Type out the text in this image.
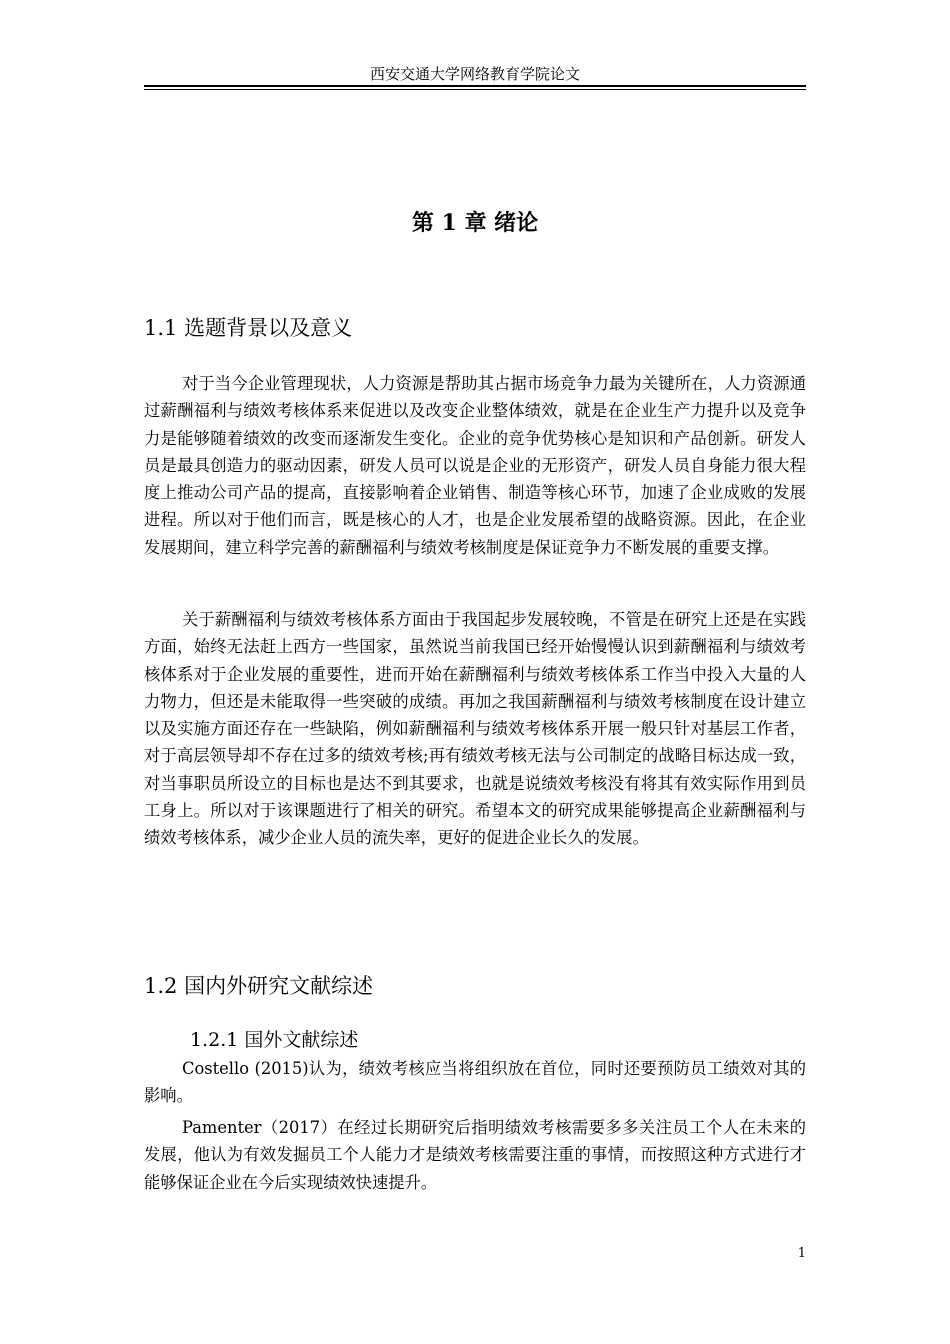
西安交通大学网络教育学院论文
第 1 章 绪论
1.1 选题背景以及意义

对于当今企业管理现状，人力资源是帮助其占据市场竞争力最为关键所在，人力资源通过薪酬福利与绩效考核体系来促进以及改变企业整体绩效，就是在企业生产力提升以及竞争力是能够随着绩效的改变而逐渐发生变化。企业的竞争优势核心是知识和产品创新。研发人员是最具创造力的驱动因素，研发人员可以说是企业的无形资产，研发人员自身能力很大程度上推动公司产品的提高，直接影响着企业销售、制造等核心环节，加速了企业成败的发展进程。所以对于他们而言，既是核心的人才，也是企业发展希望的战略资源。因此，在企业发展期间，建立科学完善的薪酬福利与绩效考核制度是保证竞争力不断发展的重要支撑。

关于薪酬福利与绩效考核体系方面由于我国起步发展较晚，不管是在研究上还是在实践方面，始终无法赶上西方一些国家，虽然说当前我国已经开始慢慢认识到薪酬福利与绩效考核体系对于企业发展的重要性，进而开始在薪酬福利与绩效考核体系工作当中投入大量的人力物力，但还是未能取得一些突破的成绩。再加之我国薪酬福利与绩效考核制度在设计建立以及实施方面还存在一些缺陷，例如薪酬福利与绩效考核体系开展一般只针对基层工作者，对于高层领导却不存在过多的绩效考核;再有绩效考核无法与公司制定的战略目标达成一致，对当事职员所设立的目标也是达不到其要求，也就是说绩效考核没有将其有效实际作用到员工身上。所以对于该课题进行了相关的研究。希望本文的研究成果能够提高企业薪酬福利与绩效考核体系，减少企业人员的流失率，更好的促进企业长久的发展。

1.2 国内外研究文献综述
1.2.1 国外文献综述

Costello (2015)认为，绩效考核应当将组织放在首位，同时还要预防员工绩效对其的影响。

Pamenter（2017）在经过长期研究后指明绩效考核需要多多关注员工个人在未来的发展，他认为有效发掘员工个人能力才是绩效考核需要注重的事情，而按照这种方式进行才能够保证企业在今后实现绩效快速提升。

1
